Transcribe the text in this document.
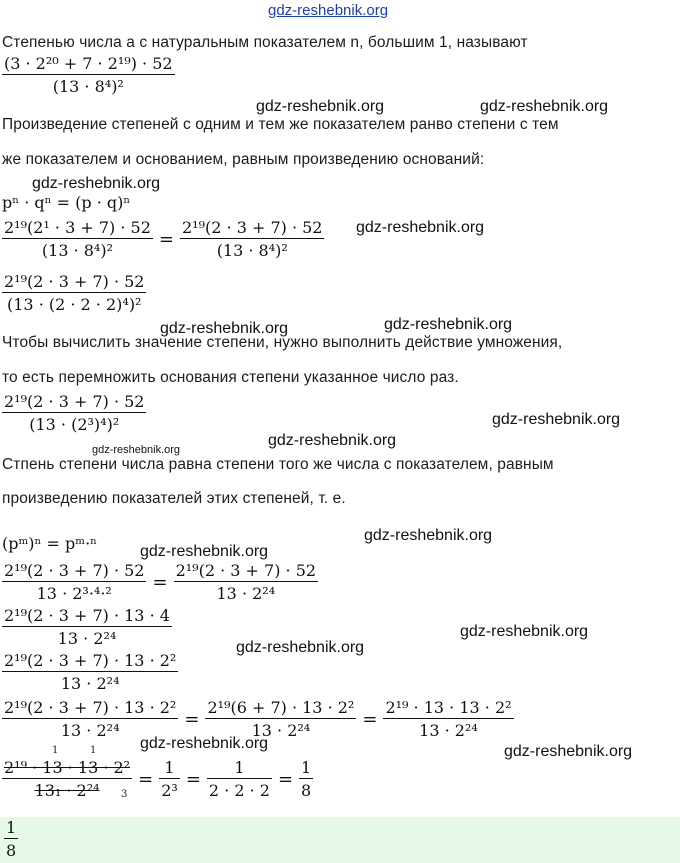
gdz-reshebnik.org
Степенью числа a с натуральным показателем n, большим 1, называют
$\frac{\text{(3 · 2²⁰ + 7 · 2¹⁹) · 52}}{\text{(13 · 8⁴)²}}$
gdz-reshebnik.org	gdz-reshebnik.org
Произведение степеней с одним и тем же показателем ранво степени с тем
же показателем и основанием, равным произведению оснований:
gdz-reshebnik.org
pⁿ · qⁿ = (p · q)ⁿ
$\frac{\text{2¹⁹(2¹ · 3 + 7) · 52}}{\text{(13 · 8⁴)²}} = \frac{\text{2¹⁹(2 · 3 + 7) · 52}}{\text{(13 · 8⁴)²}}$ gdz-reshebnik.org
$\frac{\text{2¹⁹(2 · 3 + 7) · 52}}{\text{(13 · (2 · 2 · 2)⁴)²}}$
gdz-reshebnik.org	gdz-reshebnik.org
Чтобы вычислить значение степени, нужно выполнить действие умножения,
то есть перемножить основания степени указанное число раз.
$\frac{\text{2¹⁹(2 · 3 + 7) · 52}}{\text{(13 · (2³)⁴)²}}$	gdz-reshebnik.org
gdz-reshebnik.org
gdz-reshebnik.org
Стпень степени числа равна степени того же числа с показателем, равным
произведению показателей этих степеней, т. е.
(pᵐ)ⁿ = pᵐ·ⁿ	gdz-reshebnik.org
gdz-reshebnik.org
$\frac{\text{2¹⁹(2 · 3 + 7) · 52}}{\text{13 · 2³·⁴·²}} = \frac{\text{2¹⁹(2 · 3 + 7) · 52}}{\text{13 · 2²⁴}}$
$\frac{\text{2¹⁹(2 · 3 + 7) · 13 · 4}}{\text{13 · 2²⁴}}$	gdz-reshebnik.org
gdz-reshebnik.org
$\frac{\text{2¹⁹(2 · 3 + 7) · 13 · 2²}}{\text{13 · 2²⁴}}$
$\frac{\text{2¹⁹(2 · 3 + 7) · 13 · 2²}}{\text{13 · 2²⁴}} = \frac{\text{2¹⁹(6 + 7) · 13 · 2²}}{\text{13 · 2²⁴}} = \frac{\text{2¹⁹ · 13 · 13 · 2²}}{\text{13 · 2²⁴}}$
gdz-reshebnik.org	gdz-reshebnik.org
1	1
3
$\frac{\text{2¹⁹ · 13 · 13 · 2²}}{\text{13₁ · 2²⁴}} = \frac{1}{\text{2³}} = \frac{1}{2 \cdot 2 \cdot 2} = \frac{1}{8}$
$\frac{1}{8}$
